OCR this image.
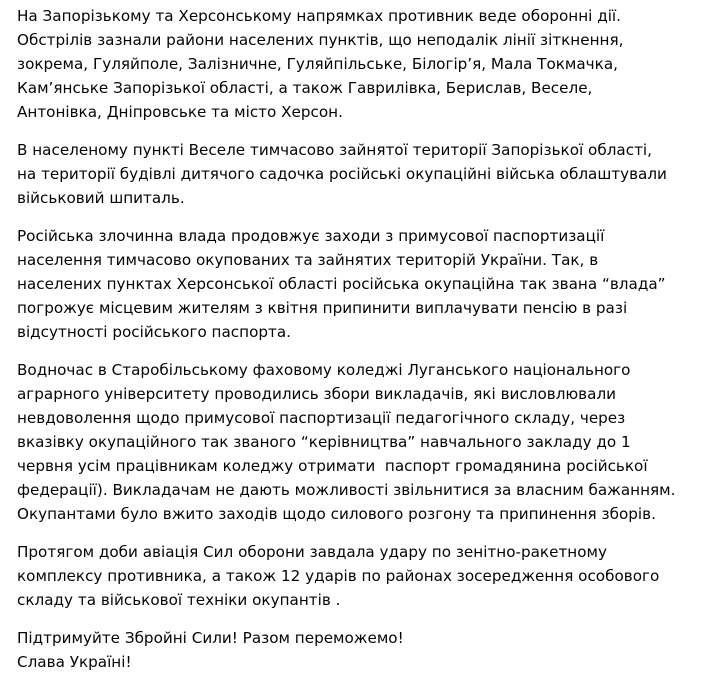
На Запорізькому та Херсонському напрямках противник веде оборонні дії.
Обстрілів зазнали райони населених пунктів, що неподалік лінії зіткнення,
зокрема, Гуляйполе, Залізничне, Гуляйпільське, Білогір’я, Мала Токмачка,
Кам’янське Запорізької області, а також Гаврилівка, Берислав, Веселе,
Антонівка, Дніпровське та місто Херсон.

В населеному пункті Веселе тимчасово зайнятої території Запорізької області,
на території будівлі дитячого садочка російські окупаційні війська облаштували
військовий шпиталь.

Російська злочинна влада продовжує заходи з примусової паспортизації
населення тимчасово окупованих та зайнятих територій України. Так, в
населених пунктах Херсонської області російська окупаційна так звана “влада”
погрожує місцевим жителям з квітня припинити виплачувати пенсію в разі
відсутності російського паспорта.

Водночас в Старобільському фаховому коледжі Луганського національного
аграрного університету проводились збори викладачів, які висловлювали
невдоволення щодо примусової паспортизації педагогічного складу, через
вказівку окупаційного так званого “керівництва” навчального закладу до 1
червня усім працівникам коледжу отримати  паспорт громадянина російської
федерації). Викладачам не дають можливості звільнитися за власним бажанням.
Окупантами було вжито заходів щодо силового розгону та припинення зборів.

Протягом доби авіація Сил оборони завдала удару по зенітно-ракетному
комплексу противника, а також 12 ударів по районах зосередження особового
складу та військової техніки окупантів .

Підтримуйте Збройні Сили! Разом переможемо!
Слава Україні!
